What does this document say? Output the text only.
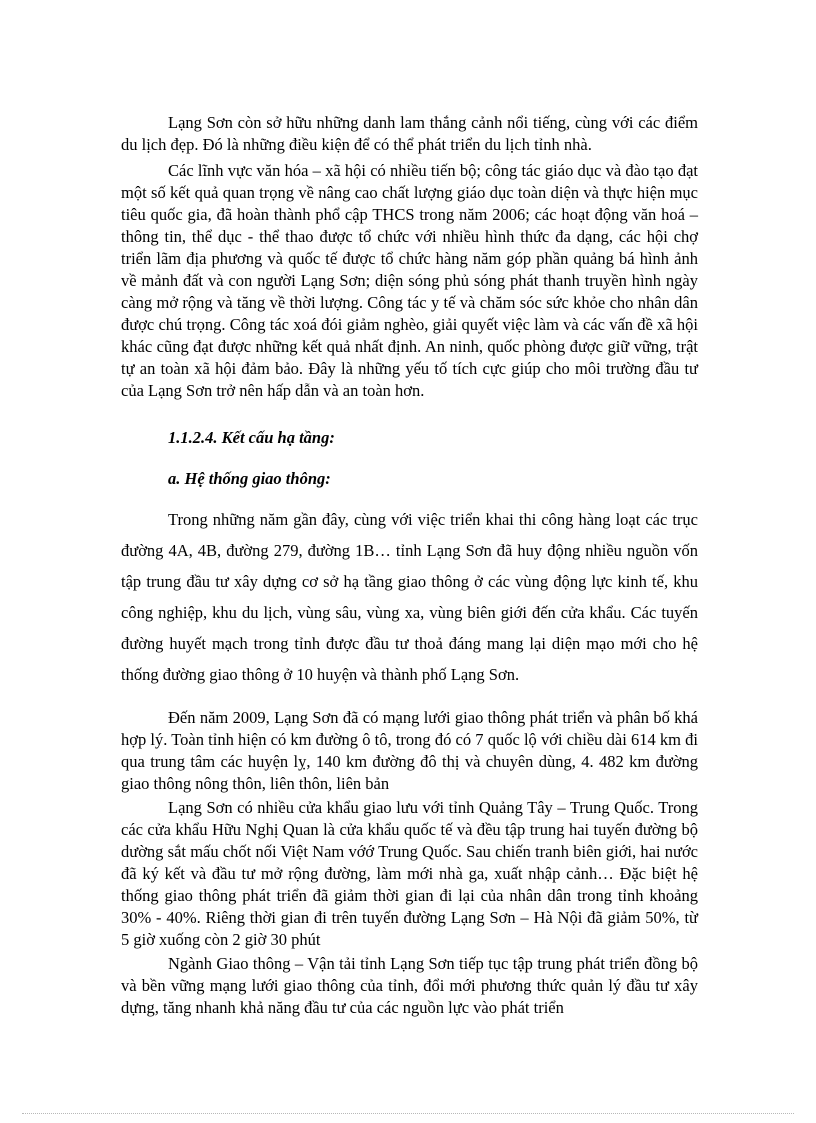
Lạng Sơn còn sở hữu những danh lam thắng cảnh nổi tiếng, cùng với các điểm du lịch đẹp. Đó là những điều kiện để có thể phát triển du lịch tỉnh nhà.

Các lĩnh vực văn hóa – xã hội có nhiều tiến bộ; công tác giáo dục và đào tạo đạt một số kết quả quan trọng về nâng cao chất lượng giáo dục toàn diện và thực hiện mục tiêu quốc gia, đã hoàn thành phổ cập THCS trong năm 2006; các hoạt động văn hoá – thông tin, thể dục - thể thao được tổ chức với nhiều hình thức đa dạng, các hội chợ triển lãm địa phương và quốc tế được tổ chức hàng năm góp phần quảng bá hình ảnh về mảnh đất và con người Lạng Sơn; diện sóng phủ sóng phát thanh truyền hình ngày càng mở rộng và tăng về thời lượng. Công tác y tế và chăm sóc sức khỏe cho nhân dân được chú trọng. Công tác xoá đói giảm nghèo, giải quyết việc làm và các vấn đề xã hội khác cũng đạt được những kết quả nhất định. An ninh, quốc phòng được giữ vững, trật tự an toàn xã hội đảm bảo. Đây là những yếu tố tích cực giúp cho môi trường đầu tư của Lạng Sơn trở nên hấp dẫn và an toàn hơn.

1.1.2.4. Kết cấu hạ tầng:

a. Hệ thống giao thông:

Trong những năm gần đây, cùng với việc triển khai thi công hàng loạt các trục đường 4A, 4B, đường 279, đường 1B… tỉnh Lạng Sơn đã huy động nhiều nguồn vốn tập trung đầu tư xây dựng cơ sở hạ tầng giao thông ở các vùng động lực kinh tế, khu công nghiệp, khu du lịch, vùng sâu, vùng xa, vùng biên giới đến cửa khẩu. Các tuyến đường huyết mạch trong tỉnh được đầu tư thoả đáng mang lại diện mạo mới cho hệ thống đường giao thông ở 10 huyện và thành phố Lạng Sơn.

Đến năm 2009, Lạng Sơn đã có mạng lưới giao thông phát triển và phân bố khá hợp lý. Toàn tỉnh hiện có km đường ô tô, trong đó có 7 quốc lộ với chiều dài 614 km đi qua trung tâm các huyện lỵ, 140 km đường đô thị và chuyên dùng, 4. 482 km đường giao thông nông thôn, liên thôn, liên bản

Lạng Sơn có nhiều cửa khẩu giao lưu với tỉnh Quảng Tây – Trung Quốc. Trong các cửa khẩu Hữu Nghị Quan là cửa khẩu quốc tế và đều tập trung hai tuyến đường bộ dường sắt mấu chốt nối Việt Nam vớớ Trung Quốc. Sau chiến tranh biên giới, hai nước đã ký kết và đầu tư mở rộng đường, làm mới nhà ga, xuất nhập cảnh… Đặc biệt hệ thống giao thông phát triển đã giảm thời gian đi lại của nhân dân trong tỉnh khoảng 30% - 40%. Riêng thời gian đi trên tuyến đường Lạng Sơn – Hà Nội đã giảm 50%, từ 5 giờ xuống còn 2 giờ 30 phút

Ngành Giao thông – Vận tải tỉnh Lạng Sơn tiếp tục tập trung phát triển đồng bộ và bền vững mạng lưới giao thông của tỉnh, đổi mới phương thức quản lý đầu tư xây dựng, tăng nhanh khả năng đầu tư của các nguồn lực vào phát triển
